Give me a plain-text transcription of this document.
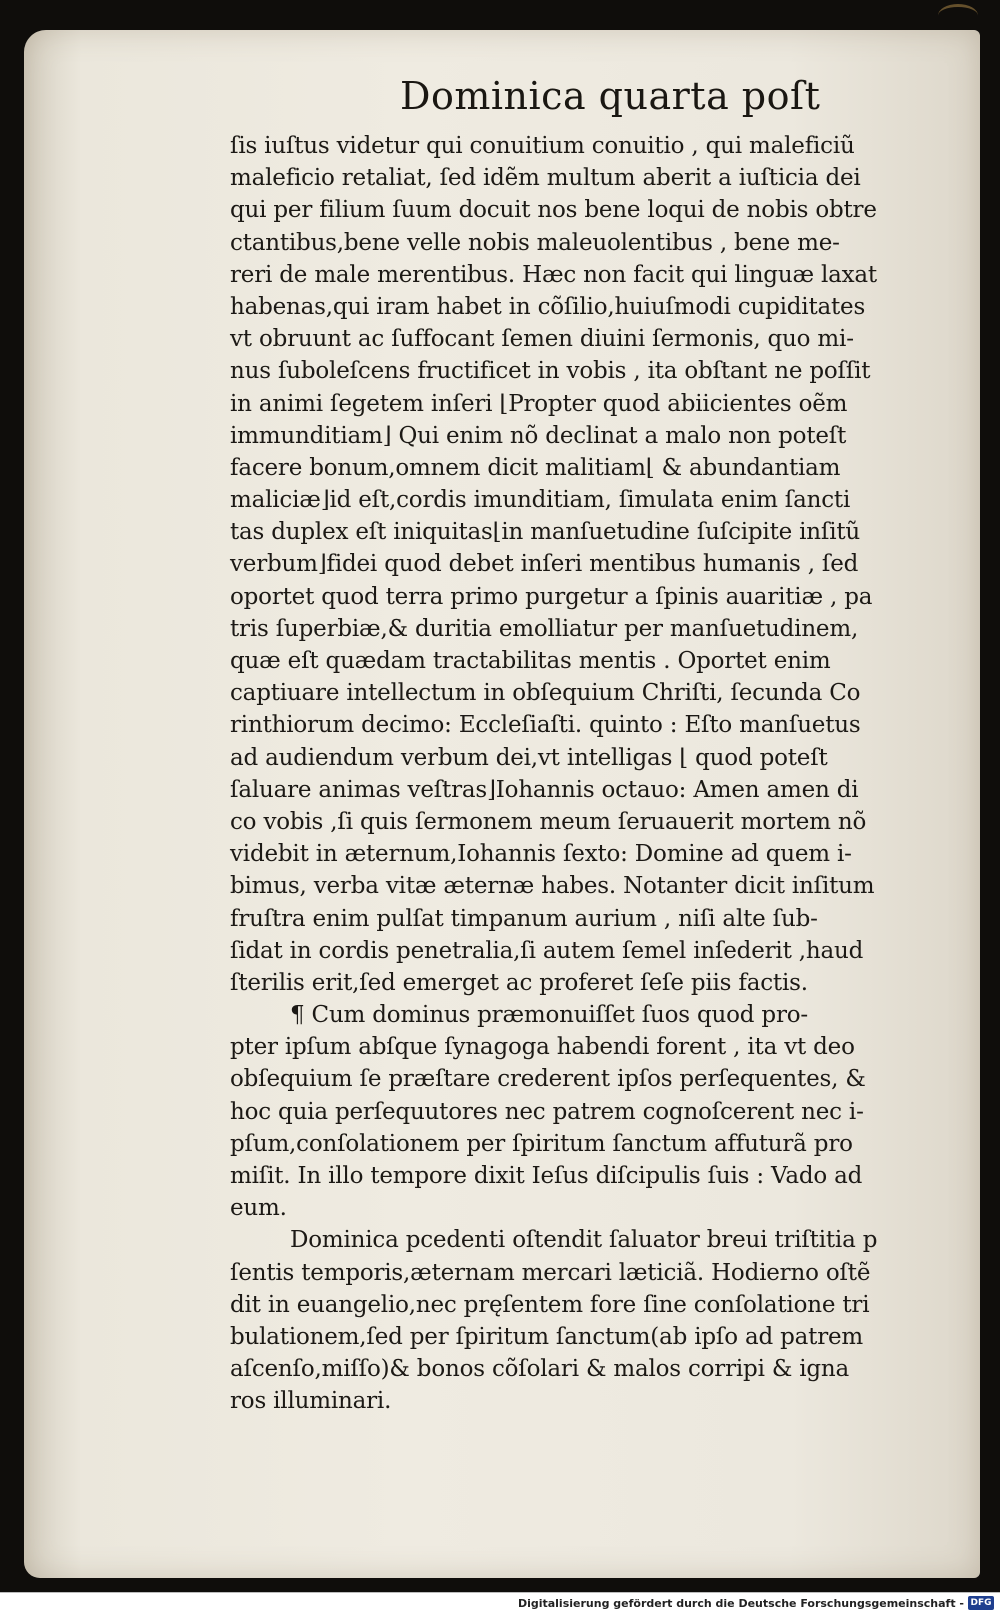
Dominica quarta poſt
ſis iuſtus videtur qui conuitium conuitio , qui maleficiũ
maleficio retaliat, ſed idẽm multum aberit a iuſticia dei
qui per filium ſuum docuit nos bene loqui de nobis obtre
ctantibus,bene velle nobis maleuolentibus , bene me-
reri de male merentibus. Hæc non facit qui linguæ laxat
habenas,qui iram habet in cõſilio,huiuſmodi cupiditates
vt obruunt ac ſuffocant ſemen diuini ſermonis, quo mi-
nus ſuboleſcens fructificet in vobis , ita obſtant ne poſſit
in animi ſegetem inſeri ⌊Propter quod abiicientes oẽm
immunditiam⌋ Qui enim nõ declinat a malo non poteſt
facere bonum,omnem dicit malitiam⌊ & abundantiam
maliciæ⌋id eſt,cordis imunditiam, ſimulata enim ſancti
tas duplex eſt iniquitas⌊in manſuetudine ſuſcipite inſitũ
verbum⌋fidei quod debet inſeri mentibus humanis , ſed
oportet quod terra primo purgetur a ſpinis auaritiæ , pa
tris ſuperbiæ,& duritia emolliatur per manſuetudinem,
quæ eſt quædam tractabilitas mentis . Oportet enim
captiuare intellectum in obſequium Chriſti, ſecunda Co
rinthiorum decimo: Eccleſiaſti. quinto : Eſto manſuetus
ad audiendum verbum dei,vt intelligas ⌊ quod poteſt
ſaluare animas veſtras⌋Iohannis octauo: Amen amen di
co vobis ,ſi quis ſermonem meum ſeruauerit mortem nõ
videbit in æternum,Iohannis ſexto: Domine ad quem i-
bimus, verba vitæ æternæ habes. Notanter dicit inſitum
fruſtra enim pulſat timpanum aurium , niſi alte ſub-
ſidat in cordis penetralia,ſi autem ſemel inſederit ,haud
ſterilis erit,ſed emerget ac proferet ſeſe piis factis.
¶ Cum dominus præmonuiſſet ſuos quod pro-
pter ipſum abſque ſynagoga habendi forent , ita vt deo
obſequium ſe præſtare crederent ipſos perſequentes, &
hoc quia perſequutores nec patrem cognoſcerent nec i-
pſum,conſolationem per ſpiritum ſanctum affuturã pro
miſit. In illo tempore dixit Ieſus diſcipulis ſuis : Vado ad
eum.
Dominica pcedenti oſtendit ſaluator breui triſtitia p
ſentis temporis,æternam mercari læticiã. Hodierno oſtẽ
dit in euangelio,nec pręſentem fore ſine conſolatione tri
bulationem,ſed per ſpiritum ſanctum(ab ipſo ad patrem
aſcenſo,miſſo)& bonos cõſolari & malos corripi & igna
ros illuminari.
Digitalisierung gefördert durch die Deutsche Forschungsgemeinschaft - DFG
